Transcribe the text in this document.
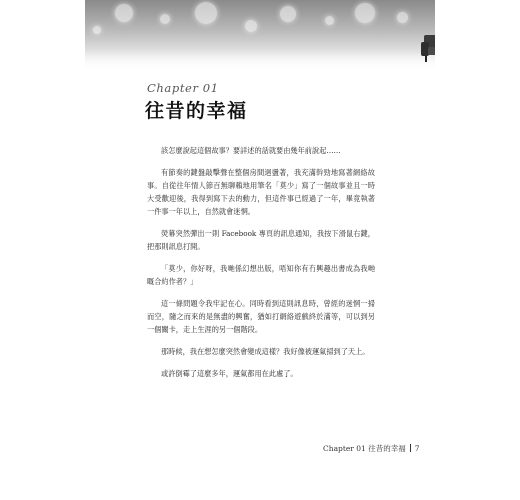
Chapter 01
往昔的幸福

該怎麼說起這個故事？要詳述的話就要由幾年前說起……

有節奏的鍵盤敲擊聲在整個房間迴盪著，我充滿幹勁地寫著網絡故事。自從往年情人節百無聊賴地用筆名「莫少」寫了一個故事並且一時大受歡迎後，我得到寫下去的動力，但這件事已經過了一年，畢竟執著一件事一年以上，自然就會迷惘。

熒幕突然彈出一則 Facebook 專頁的訊息通知，我按下滑鼠右鍵，把那則訊息打開。

「莫少，你好呀，我哋係幻想出版，唔知你有冇興趣出書成為我哋嘅合約作者？」

這一條問題令我牢記在心。同時看到這則訊息時，曾經的迷惘一掃而空，隨之而來的是無盡的興奮，猶如打網絡遊戲終於滿等，可以到另一個關卡，走上生涯的另一個階段。

那時候，我在想怎麼突然會變成這樣？我好像被運氣掃到了天上。

或許倒霉了這麼多年，運氣都用在此處了。

Chapter 01 往昔的幸福 7
